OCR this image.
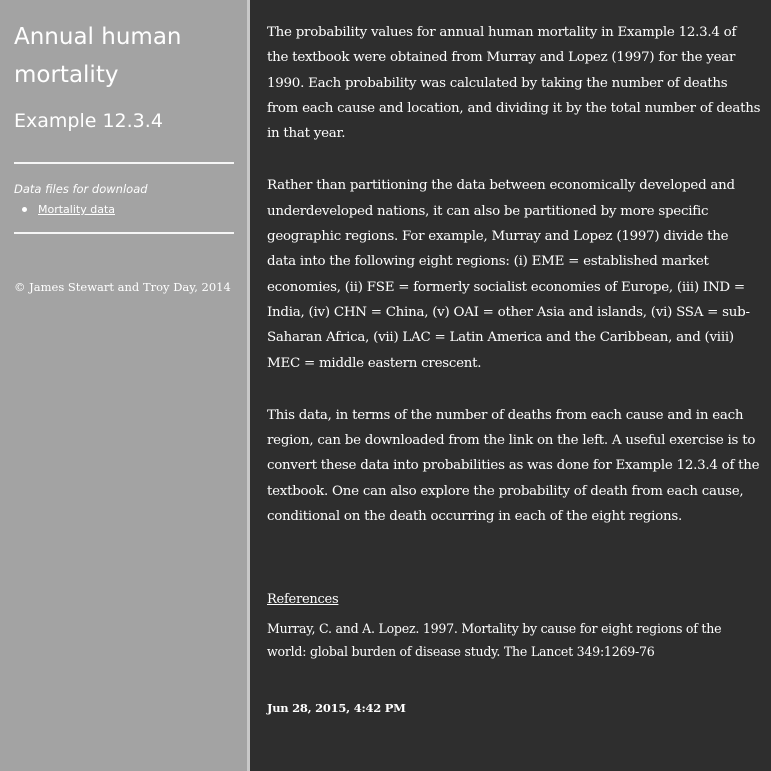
Annual human mortality
Example 12.3.4

Data files for download

Mortality data

© James Stewart and Troy Day, 2014

The probability values for annual human mortality in Example 12.3.4 of the textbook were obtained from Murray and Lopez (1997) for the year 1990. Each probability was calculated by taking the number of deaths from each cause and location, and dividing it by the total number of deaths in that year.

Rather than partitioning the data between economically developed and underdeveloped nations, it can also be partitioned by more specific geographic regions. For example, Murray and Lopez (1997) divide the data into the following eight regions: (i) EME = established market economies, (ii) FSE = formerly socialist economies of Europe, (iii) IND = India, (iv) CHN = China, (v) OAI = other Asia and islands, (vi) SSA = sub-Saharan Africa, (vii) LAC = Latin America and the Caribbean, and (viii) MEC = middle eastern crescent.

This data, in terms of the number of deaths from each cause and in each region, can be downloaded from the link on the left. A useful exercise is to convert these data into probabilities as was done for Example 12.3.4 of the textbook. One can also explore the probability of death from each cause, conditional on the death occurring in each of the eight regions.

References

Murray, C. and A. Lopez. 1997. Mortality by cause for eight regions of the world: global burden of disease study. The Lancet 349:1269-76

Jun 28, 2015, 4:42 PM
